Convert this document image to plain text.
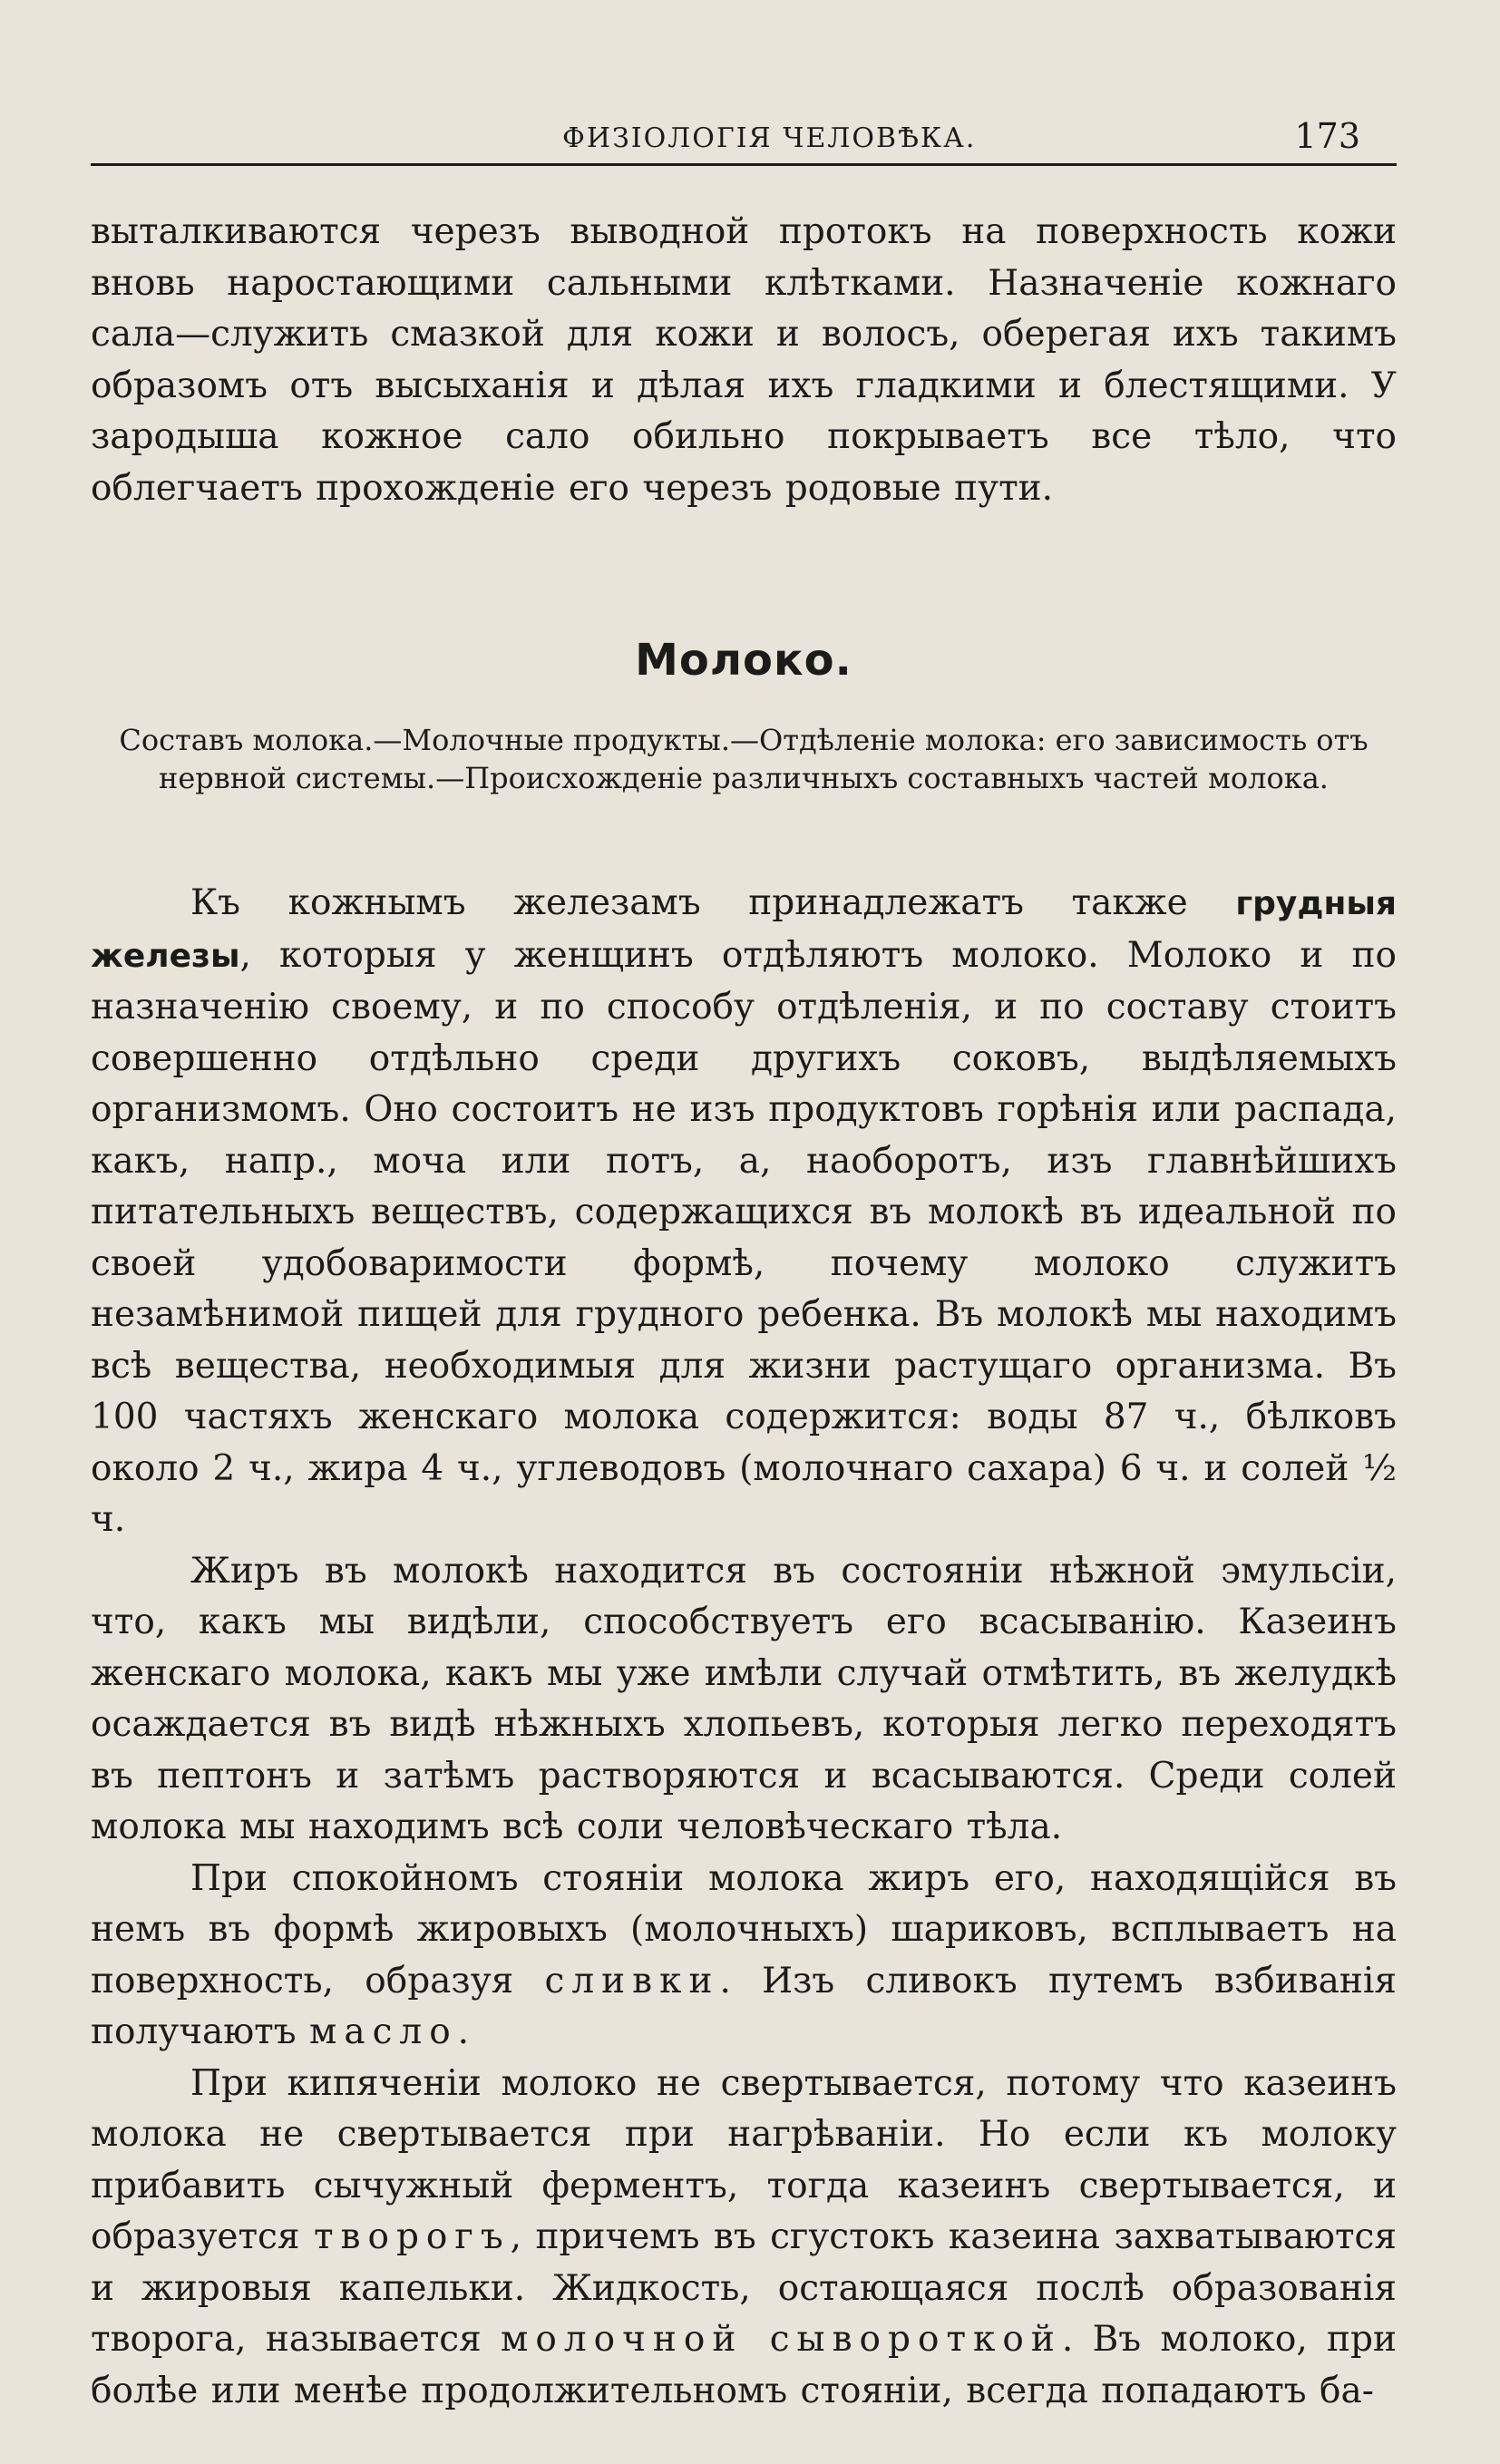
ФИЗІОЛОГІЯ ЧЕЛОВѢКА.	173
выталкиваются черезъ выводной протокъ на поверхность кожи вновь наростающими сальными клѣтками. Назначеніе кожнаго сала—служить смазкой для кожи и волосъ, оберегая ихъ такимъ образомъ отъ высыханія и дѣлая ихъ гладкими и блестящими. У зародыша кожное сало обильно покрываетъ все тѣло, что облегчаетъ прохожденіе его черезъ родовые пути.
Молоко.
Составъ молока.—Молочные продукты.—Отдѣленіе молока: его зависимость отъ нервной системы.—Происхожденіе различныхъ составныхъ частей молока.

Къ кожнымъ железамъ принадлежатъ также грудныя железы, которыя у женщинъ отдѣляютъ молоко. Молоко и по назначенію своему, и по способу отдѣленія, и по составу стоитъ совершенно отдѣльно среди другихъ соковъ, выдѣляемыхъ организмомъ. Оно состоитъ не изъ продуктовъ горѣнія или распада, какъ, напр., моча или потъ, а, наоборотъ, изъ главнѣйшихъ питательныхъ веществъ, содержащихся въ молокѣ въ идеальной по своей удобоваримости формѣ, почему молоко служитъ незамѣнимой пищей для грудного ребенка. Въ молокѣ мы находимъ всѣ вещества, необходимыя для жизни растущаго организма. Въ 100 частяхъ женскаго молока содержится: воды 87 ч., бѣлковъ около 2 ч., жира 4 ч., углеводовъ (молочнаго сахара) 6 ч. и солей ½ ч.

Жиръ въ молокѣ находится въ состояніи нѣжной эмульсіи, что, какъ мы видѣли, способствуетъ его всасыванію. Казеинъ женскаго молока, какъ мы уже имѣли случай отмѣтить, въ желудкѣ осаждается въ видѣ нѣжныхъ хлопьевъ, которыя легко переходятъ въ пептонъ и затѣмъ растворяются и всасываются. Среди солей молока мы находимъ всѣ соли человѣческаго тѣла.

При спокойномъ стояніи молока жиръ его, находящійся въ немъ въ формѣ жировыхъ (молочныхъ) шариковъ, всплываетъ на поверхность, образуя сливки. Изъ сливокъ путемъ взбиванія получаютъ масло.

При кипяченіи молоко не свертывается, потому что казеинъ молока не свертывается при нагрѣваніи. Но если къ молоку прибавить сычужный ферментъ, тогда казеинъ свертывается, и образуется творогъ, причемъ въ сгустокъ казеина захватываются и жировыя капельки. Жидкость, остающаяся послѣ образованія творога, называется молочной сывороткой. Въ молоко, при болѣе или менѣе продолжительномъ стояніи, всегда попадаютъ ба-
